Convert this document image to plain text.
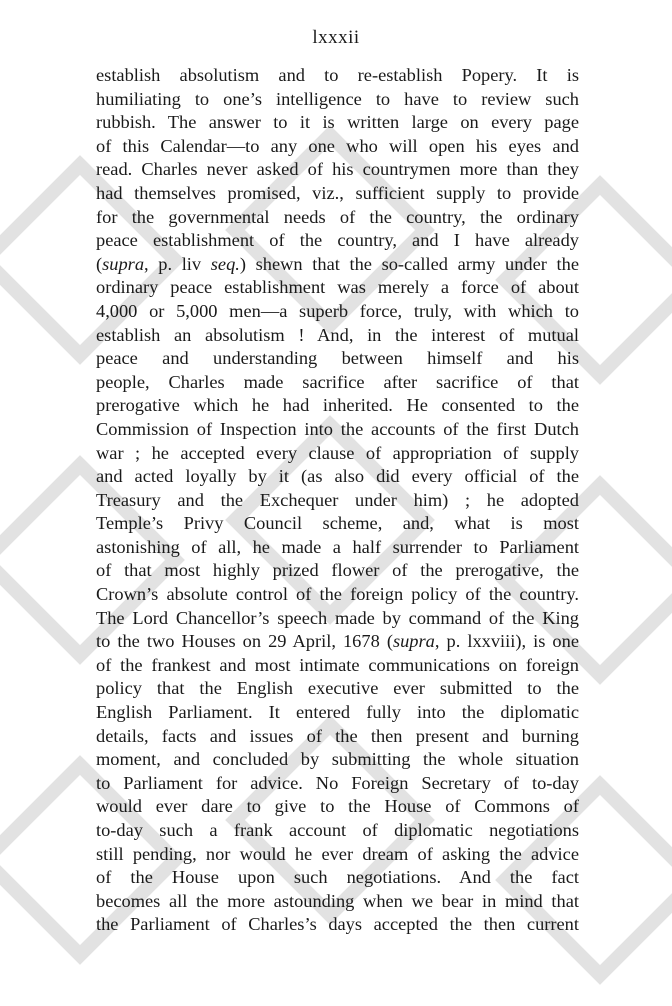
lxxxii
establish absolutism and to re-establish Popery. It is
humiliating to one’s intelligence to have to review such
rubbish. The answer to it is written large on every page
of this Calendar—to any one who will open his eyes and
read. Charles never asked of his countrymen more than they
had themselves promised, viz., sufficient supply to provide
for the governmental needs of the country, the ordinary
peace establishment of the country, and I have already
(supra, p. liv seq.) shewn that the so-called army under the
ordinary peace establishment was merely a force of about
4,000 or 5,000 men—a superb force, truly, with which to
establish an absolutism ! And, in the interest of mutual
peace and understanding between himself and his
people, Charles made sacrifice after sacrifice of that
prerogative which he had inherited. He consented to the
Commission of Inspection into the accounts of the first Dutch
war ; he accepted every clause of appropriation of supply
and acted loyally by it (as also did every official of the
Treasury and the Exchequer under him) ; he adopted
Temple’s Privy Council scheme, and, what is most
astonishing of all, he made a half surrender to Parliament
of that most highly prized flower of the prerogative, the
Crown’s absolute control of the foreign policy of the country.
The Lord Chancellor’s speech made by command of the King
to the two Houses on 29 April, 1678 (supra, p. lxxviii), is one
of the frankest and most intimate communications on foreign
policy that the English executive ever submitted to the
English Parliament. It entered fully into the diplomatic
details, facts and issues of the then present and burning
moment, and concluded by submitting the whole situation
to Parliament for advice. No Foreign Secretary of to-day
would ever dare to give to the House of Commons of
to-day such a frank account of diplomatic negotiations
still pending, nor would he ever dream of asking the advice
of the House upon such negotiations. And the fact
becomes all the more astounding when we bear in mind that
the Parliament of Charles’s days accepted the then current
